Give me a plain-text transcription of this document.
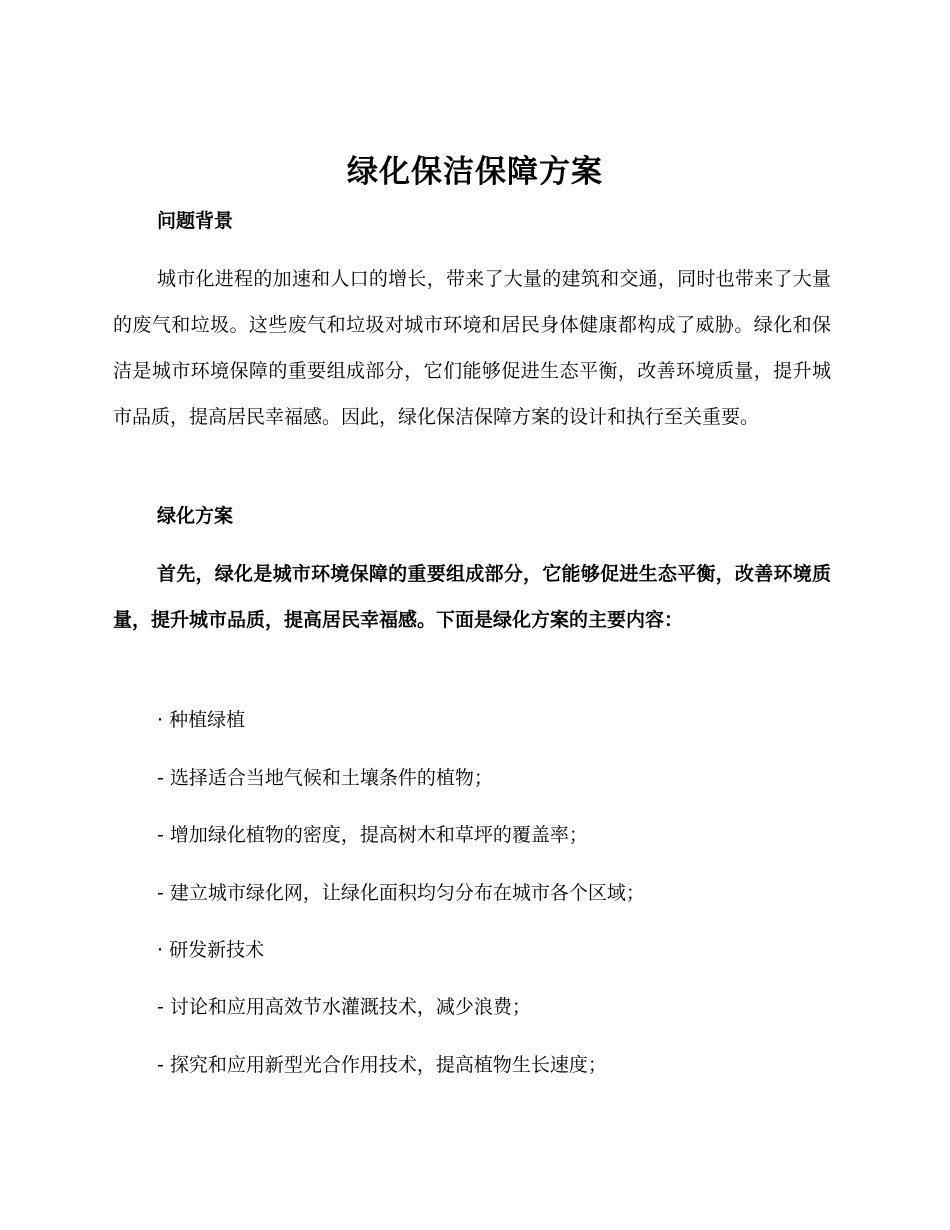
绿化保洁保障方案
问题背景
城市化进程的加速和人口的增长，带来了大量的建筑和交通，同时也带来了大量的废气和垃圾。这些废气和垃圾对城市环境和居民身体健康都构成了威胁。绿化和保洁是城市环境保障的重要组成部分，它们能够促进生态平衡，改善环境质量，提升城市品质，提高居民幸福感。因此，绿化保洁保障方案的设计和执行至关重要。
绿化方案
首先，绿化是城市环境保障的重要组成部分，它能够促进生态平衡，改善环境质量，提升城市品质，提高居民幸福感。下面是绿化方案的主要内容：
· 种植绿植
- 选择适合当地气候和土壤条件的植物；
- 增加绿化植物的密度，提高树木和草坪的覆盖率；
- 建立城市绿化网，让绿化面积均匀分布在城市各个区域；
· 研发新技术
- 讨论和应用高效节水灌溉技术，减少浪费；
- 探究和应用新型光合作用技术，提高植物生长速度；
